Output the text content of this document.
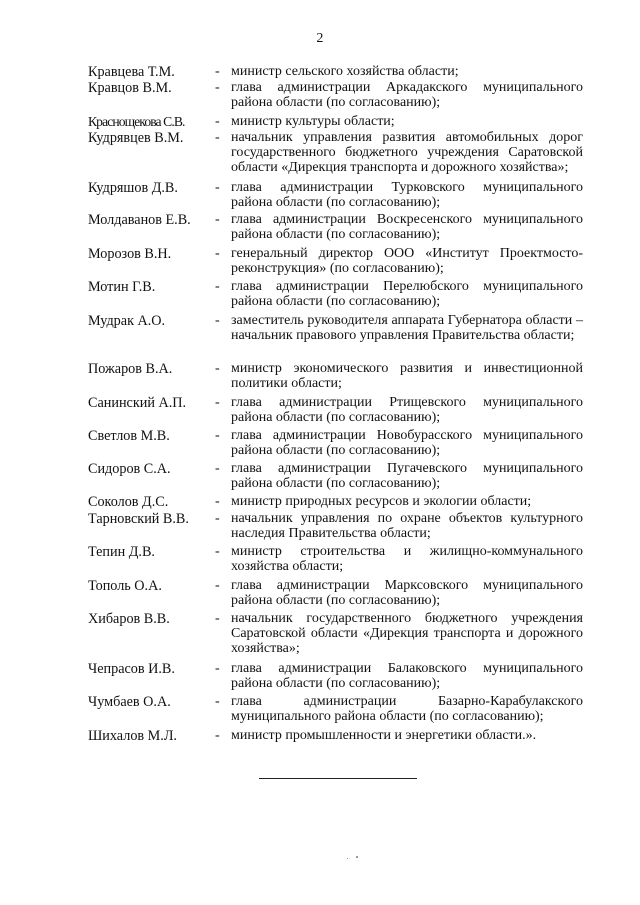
2
Кравцева Т.М.	- министр сельского хозяйства области;
Кравцов В.М.	- глава администрации Аркадакского муниципального района области (по согласованию);
Краснощекова С.В.	- министр культуры области;
Кудрявцев В.М.	- начальник управления развития автомобильных дорог государственного бюджетного учреждения Саратовской области «Дирекция транспорта и дорожного хозяйства»;
Кудряшов Д.В.	- глава администрации Турковского муниципального района области (по согласованию);
Молдаванов Е.В.	- глава администрации Воскресенского муниципального района области (по согласованию);
Морозов В.Н.	- генеральный директор ООО «Институт Проектмосто-реконструкция» (по согласованию);
Мотин Г.В.	- глава администрации Перелюбского муниципального района области (по согласованию);
Мудрак А.О.	- заместитель руководителя аппарата Губернатора области – начальник правового управления Правительства области;
Пожаров В.А.	- министр экономического развития и инвестиционной политики области;
Санинский А.П.	- глава администрации Ртищевского муниципального района области (по согласованию);
Светлов М.В.	- глава администрации Новобурасского муниципального района области (по согласованию);
Сидоров С.А.	- глава администрации Пугачевского муниципального района области (по согласованию);
Соколов Д.С.	- министр природных ресурсов и экологии области;
Тарновский В.В.	- начальник управления по охране объектов культурного наследия Правительства области;
Тепин Д.В.	- министр строительства и жилищно-коммунального хозяйства области;
Тополь О.А.	- глава администрации Марксовского муниципального района области (по согласованию);
Хибаров В.В.	- начальник государственного бюджетного учреждения Саратовской области «Дирекция транспорта и дорожного хозяйства»;
Чепрасов И.В.	- глава администрации Балаковского муниципального района области (по согласованию);
Чумбаев О.А.	- глава администрации Базарно-Карабулакского муниципального района области (по согласованию);
Шихалов М.Л.	- министр промышленности и энергетики области.».
